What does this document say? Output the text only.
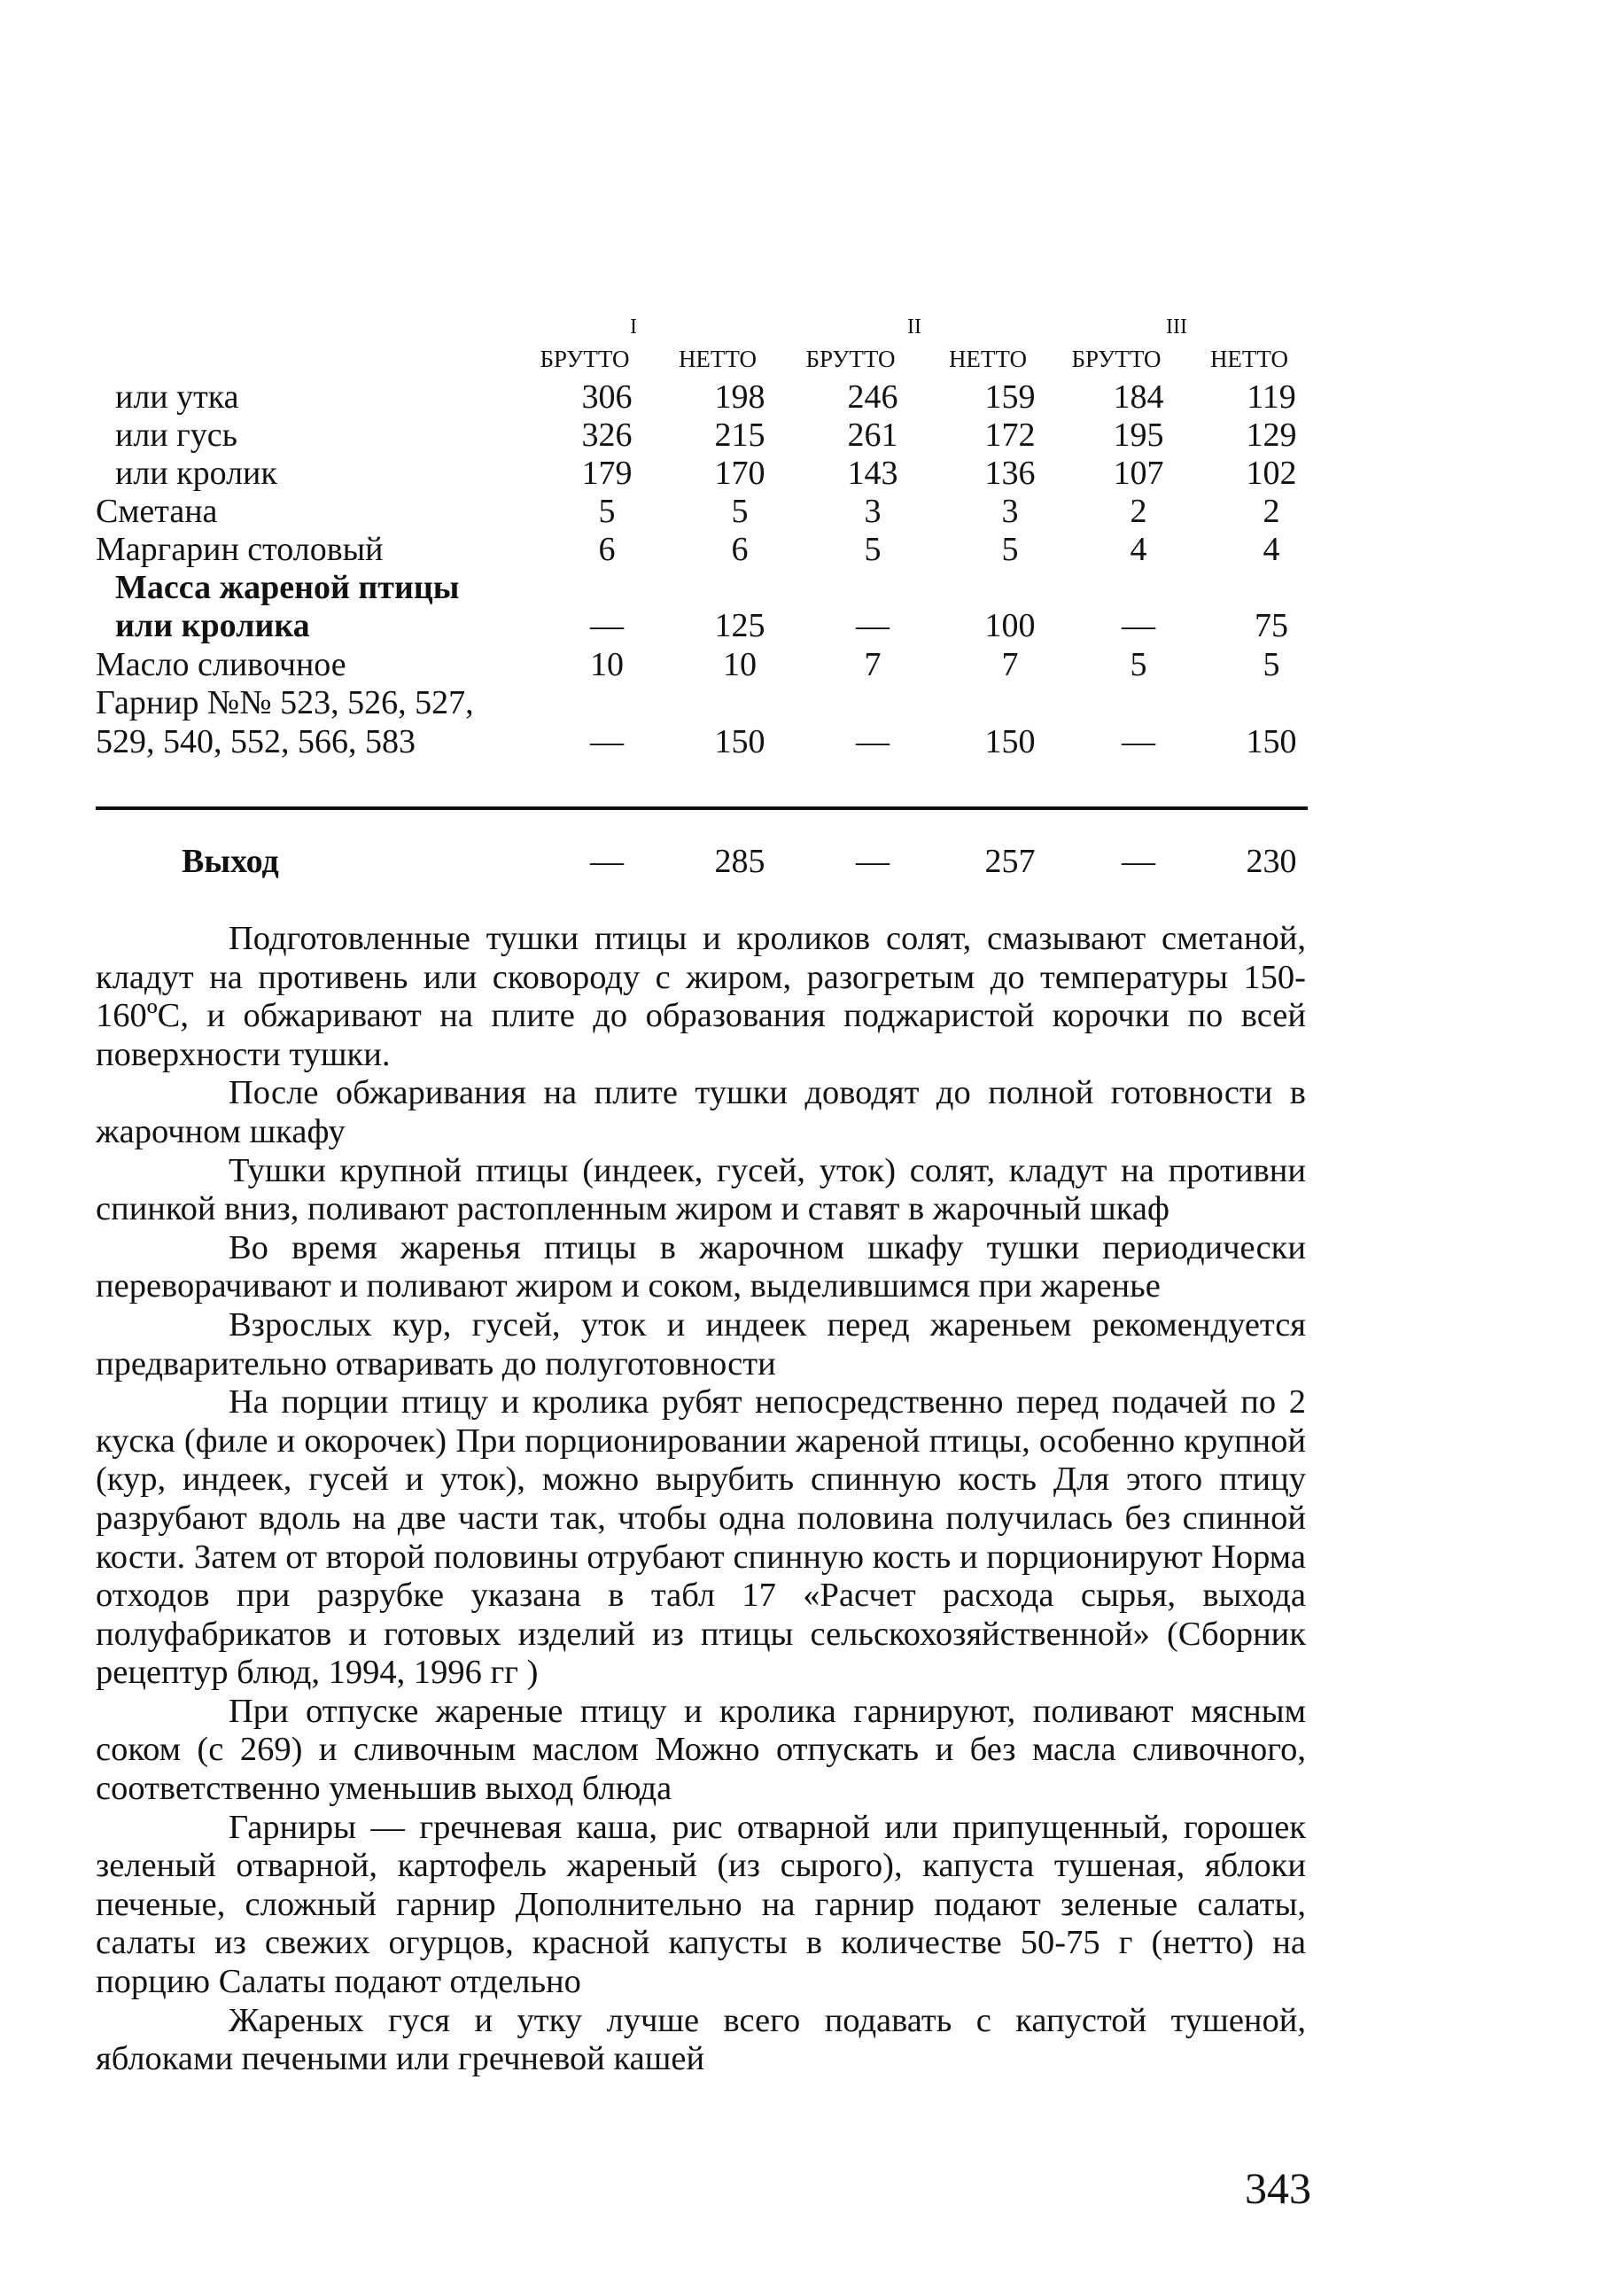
I	II	III
БРУТТО	НЕТТО	БРУТТО	НЕТТО	БРУТТО	НЕТТО
или утка	306	198	246	159	184	119
или гусь	326	215	261	172	195	129
или кролик	179	170	143	136	107	102
Сметана	5	5	3	3	2	2
Маргарин столовый	6	6	5	5	4	4
Масса жареной птицы
или кролика	—	125	—	100	—	75
Масло сливочное	10	10	7	7	5	5
Гарнир №№ 523, 526, 527,
529, 540, 552, 566, 583	—	150	—	150	—	150
Выход	—	285	—	257	—	230

Подготовленные тушки птицы и кроликов солят, смазывают сметаной, кладут на противень или сковороду с жиром, разогретым до температуры 150-160ºС, и обжаривают на плите до образования поджаристой корочки по всей поверхности тушки.

После обжаривания на плите тушки доводят до полной готовности в жарочном шкафу

Тушки крупной птицы (индеек, гусей, уток) солят, кладут на противни спинкой вниз, поливают растопленным жиром и ставят в жарочный шкаф

Во время жаренья птицы в жарочном шкафу тушки периодически переворачивают и поливают жиром и соком, выделившимся при жаренье

Взрослых кур, гусей, уток и индеек перед жареньем рекомендуется предварительно отваривать до полуготовности

На порции птицу и кролика рубят непосредственно перед подачей по 2 куска (филе и окорочек) При порционировании жареной птицы, особенно крупной (кур, индеек, гусей и уток), можно вырубить спинную кость Для этого птицу разрубают вдоль на две части так, чтобы одна половина получилась без спинной кости. Затем от второй половины отрубают спинную кость и порционируют Норма отходов при разрубке указана в табл 17 «Расчет расхода сырья, выхода полуфабрикатов и готовых изделий из птицы сельскохозяйственной» (Сборник рецептур блюд, 1994, 1996 гг )

При отпуске жареные птицу и кролика гарнируют, поливают мясным соком (с 269) и сливочным маслом Можно отпускать и без масла сливочного, соответственно уменьшив выход блюда

Гарниры — гречневая каша, рис отварной или припущенный, горошек зеленый отварной, картофель жареный (из сырого), капуста тушеная, яблоки печеные, сложный гарнир Дополнительно на гарнир подают зеленые салаты, салаты из свежих огурцов, красной капусты в количестве 50-75 г (нетто) на порцию Салаты подают отдельно

Жареных гуся и утку лучше всего подавать с капустой тушеной, яблоками печеными или гречневой кашей

343
